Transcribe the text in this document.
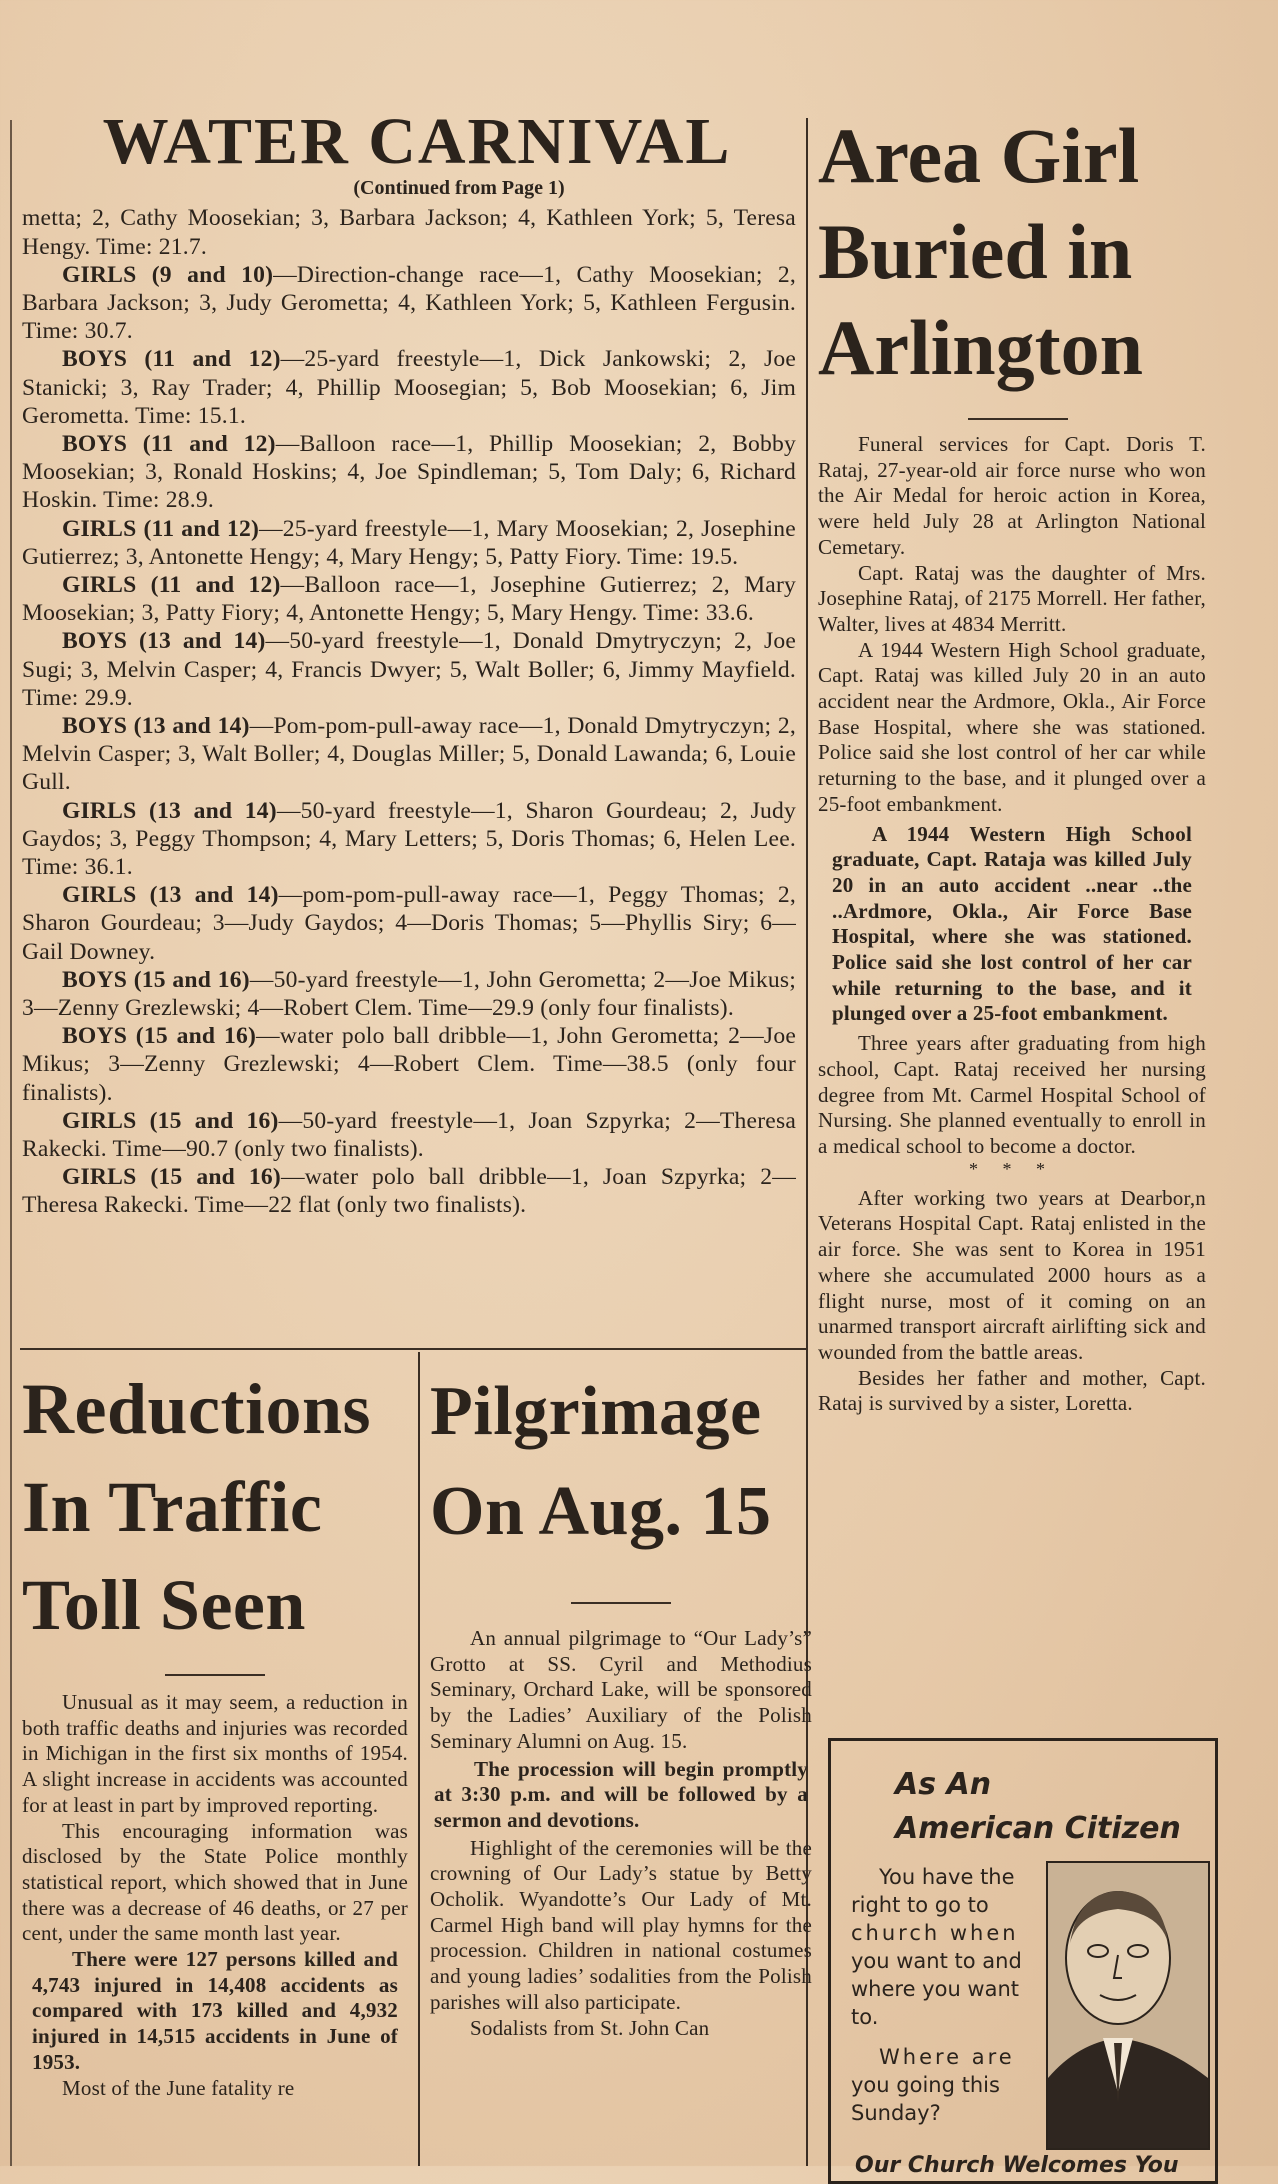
WATER CARNIVAL
(Continued from Page 1)

metta; 2, Cathy Moosekian; 3, Barbara Jackson; 4, Kathleen York; 5, Teresa Hengy. Time: 21.7.

GIRLS (9 and 10)—Direction-change race—1, Cathy Moosekian; 2, Barbara Jackson; 3, Judy Gerometta; 4, Kathleen York; 5, Kathleen Fergusin. Time: 30.7.

BOYS (11 and 12)—25-yard freestyle—1, Dick Jankowski; 2, Joe Stanicki; 3, Ray Trader; 4, Phillip Moosegian; 5, Bob Moosekian; 6, Jim Gerometta. Time: 15.1.

BOYS (11 and 12)—Balloon race—1, Phillip Moosekian; 2, Bobby Moosekian; 3, Ronald Hoskins; 4, Joe Spindleman; 5, Tom Daly; 6, Richard Hoskin. Time: 28.9.

GIRLS (11 and 12)—25-yard freestyle—1, Mary Moosekian; 2, Josephine Gutierrez; 3, Antonette Hengy; 4, Mary Hengy; 5, Patty Fiory. Time: 19.5.

GIRLS (11 and 12)—Balloon race—1, Josephine Gutierrez; 2, Mary Moosekian; 3, Patty Fiory; 4, Antonette Hengy; 5, Mary Hengy. Time: 33.6.

BOYS (13 and 14)—50-yard freestyle—1, Donald Dmytryczyn; 2, Joe Sugi; 3, Melvin Casper; 4, Francis Dwyer; 5, Walt Boller; 6, Jimmy Mayfield. Time: 29.9.

BOYS (13 and 14)—Pom-pom-pull-away race—1, Donald Dmytryczyn; 2, Melvin Casper; 3, Walt Boller; 4, Douglas Miller; 5, Donald Lawanda; 6, Louie Gull.

GIRLS (13 and 14)—50-yard freestyle—1, Sharon Gourdeau; 2, Judy Gaydos; 3, Peggy Thompson; 4, Mary Letters; 5, Doris Thomas; 6, Helen Lee. Time: 36.1.

GIRLS (13 and 14)—pom-pom-pull-away race—1, Peggy Thomas; 2, Sharon Gourdeau; 3—Judy Gaydos; 4—Doris Thomas; 5—Phyllis Siry; 6—Gail Downey.

BOYS (15 and 16)—50-yard freestyle—1, John Gerometta; 2—Joe Mikus; 3—Zenny Grezlewski; 4—Robert Clem. Time—29.9 (only four finalists).

BOYS (15 and 16)—water polo ball dribble—1, John Gerometta; 2—Joe Mikus; 3—Zenny Grezlewski; 4—Robert Clem. Time—38.5 (only four finalists).

GIRLS (15 and 16)—50-yard freestyle—1, Joan Szpyrka; 2—Theresa Rakecki. Time—90.7 (only two finalists).

GIRLS (15 and 16)—water polo ball dribble—1, Joan Szpyrka; 2—Theresa Rakecki. Time—22 flat (only two finalists).

Area Girl
Buried in
Arlington

Funeral services for Capt. Doris T. Rataj, 27-year-old air force nurse who won the Air Medal for heroic action in Korea, were held July 28 at Arlington National Cemetary.

Capt. Rataj was the daughter of Mrs. Josephine Rataj, of 2175 Morrell. Her father, Walter, lives at 4834 Merritt.

A 1944 Western High School graduate, Capt. Rataj was killed July 20 in an auto accident near the Ardmore, Okla., Air Force Base Hospital, where she was stationed. Police said she lost control of her car while returning to the base, and it plunged over a 25-foot embankment.

A 1944 Western High School graduate, Capt. Rataja was killed July 20 in an auto accident ..near ..the ..Ardmore, Okla., Air Force Base Hospital, where she was stationed. Police said she lost control of her car while returning to the base, and it plunged over a 25-foot embankment.

Three years after graduating from high school, Capt. Rataj received her nursing degree from Mt. Carmel Hospital School of Nursing. She planned eventually to enroll in a medical school to become a doctor.

* * *

After working two years at Dearbor,n Veterans Hospital Capt. Rataj enlisted in the air force. She was sent to Korea in 1951 where she accumulated 2000 hours as a flight nurse, most of it coming on an unarmed transport aircraft airlifting sick and wounded from the battle areas.

Besides her father and mother, Capt. Rataj is survived by a sister, Loretta.

Reductions
In Traffic
Toll Seen

Unusual as it may seem, a reduction in both traffic deaths and injuries was recorded in Michigan in the first six months of 1954. A slight increase in accidents was accounted for at least in part by improved reporting.

This encouraging information was disclosed by the State Police monthly statistical report, which showed that in June there was a decrease of 46 deaths, or 27 per cent, under the same month last year.

There were 127 persons killed and 4,743 injured in 14,408 accidents as compared with 173 killed and 4,932 injured in 14,515 accidents in June of 1953.

Most of the June fatality re

Pilgrimage
On Aug. 15

An annual pilgrimage to “Our Lady’s” Grotto at SS. Cyril and Methodius Seminary, Orchard Lake, will be sponsored by the Ladies’ Auxiliary of the Polish Seminary Alumni on Aug. 15.

The procession will begin promptly at 3:30 p.m. and will be followed by a sermon and devotions.

Highlight of the ceremonies will be the crowning of Our Lady’s statue by Betty Ocholik. Wyandotte’s Our Lady of Mt. Carmel High band will play hymns for the procession. Children in national costumes and young ladies’ sodalities from the Polish parishes will also participate.

Sodalists from St. John Can

As An
American Citizen
You have the
right to go to
church when
you want to and
where you want
to.
Where are
you going this
Sunday?
Our Church Welcomes You
